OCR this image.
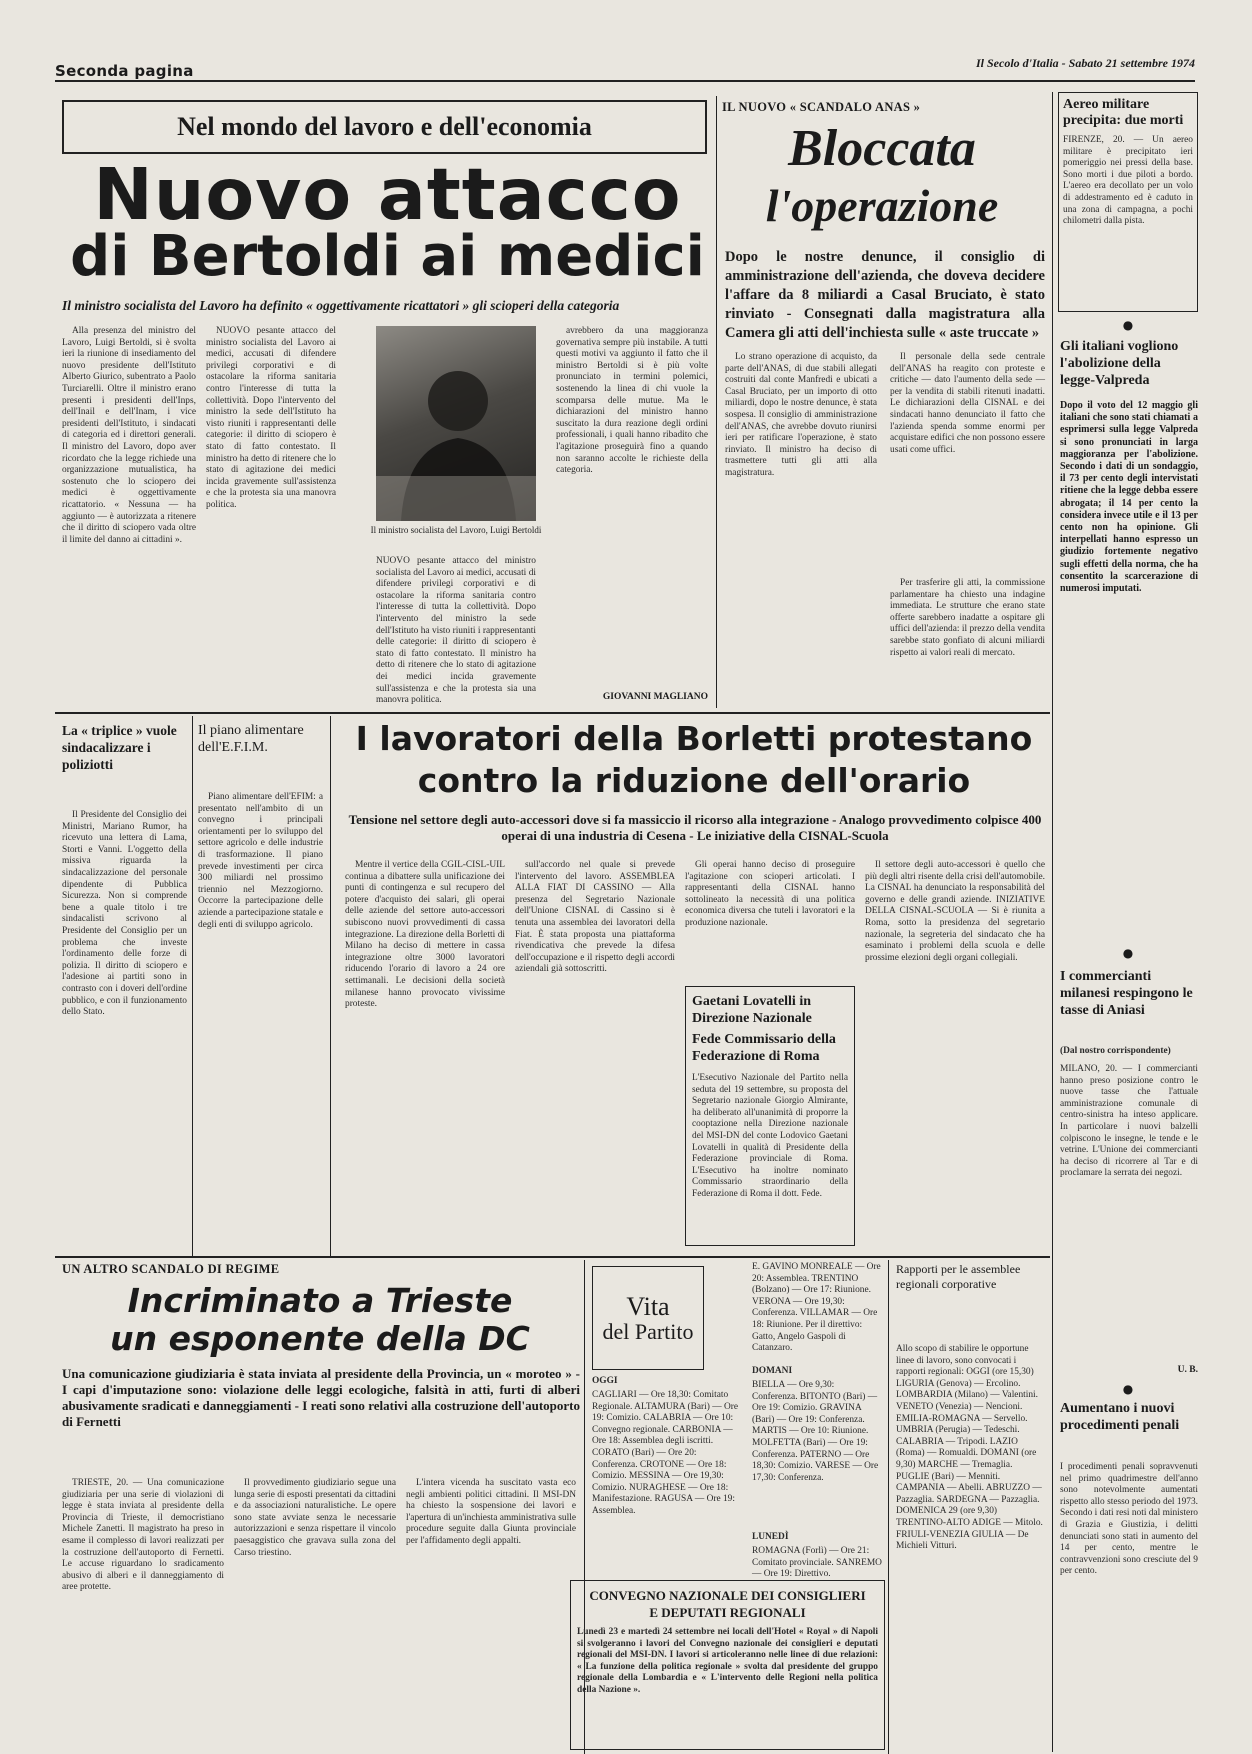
Seconda pagina	Il Secolo d'Italia - Sabato 21 settembre 1974
Nel mondo del lavoro e dell'economia
Nuovo attacco
di Bertoldi ai medici
Il ministro socialista del Lavoro ha definito « oggettivamente ricattatori » gli scioperi della categoria

Alla presenza del ministro del Lavoro, Luigi Bertoldi, si è svolta ieri la riunione di insediamento del nuovo presidente dell'Istituto Alberto Giurico, subentrato a Paolo Turciarelli. Oltre il ministro erano presenti i presidenti dell'Inps, dell'Inail e dell'Inam, i vice presidenti dell'Istituto, i sindacati di categoria ed i direttori generali. Il ministro del Lavoro, dopo aver ricordato che la legge richiede una organizzazione mutualistica, ha sostenuto che lo sciopero dei medici è oggettivamente ricattatorio. « Nessuna — ha aggiunto — è autorizzata a ritenere che il diritto di sciopero vada oltre il limite del danno ai cittadini ».

NUOVO pesante attacco del ministro socialista del Lavoro ai medici, accusati di difendere privilegi corporativi e di ostacolare la riforma sanitaria contro l'interesse di tutta la collettività. Dopo l'intervento del ministro la sede dell'Istituto ha visto riuniti i rappresentanti delle categorie: il diritto di sciopero è stato di fatto contestato. Il ministro ha detto di ritenere che lo stato di agitazione dei medici incida gravemente sull'assistenza e che la protesta sia una manovra politica.

Il ministro socialista del Lavoro, Luigi Bertoldi

NUOVO pesante attacco del ministro socialista del Lavoro ai medici, accusati di difendere privilegi corporativi e di ostacolare la riforma sanitaria contro l'interesse di tutta la collettività. Dopo l'intervento del ministro la sede dell'Istituto ha visto riuniti i rappresentanti delle categorie: il diritto di sciopero è stato di fatto contestato. Il ministro ha detto di ritenere che lo stato di agitazione dei medici incida gravemente sull'assistenza e che la protesta sia una manovra politica.

avrebbero da una maggioranza governativa sempre più instabile. A tutti questi motivi va aggiunto il fatto che il ministro Bertoldi si è più volte pronunciato in termini polemici, sostenendo la linea di chi vuole la scomparsa delle mutue. Ma le dichiarazioni del ministro hanno suscitato la dura reazione degli ordini professionali, i quali hanno ribadito che l'agitazione proseguirà fino a quando non saranno accolte le richieste della categoria.

GIOVANNI MAGLIANO
IL NUOVO « SCANDALO ANAS »
Bloccata
l'operazione
Dopo le nostre denunce, il consiglio di amministrazione dell'azienda, che doveva decidere l'affare da 8 miliardi a Casal Bruciato, è stato rinviato - Consegnati dalla magistratura alla Camera gli atti dell'inchiesta sulle « aste truccate »

Lo strano operazione di acquisto, da parte dell'ANAS, di due stabili allegati costruiti dal conte Manfredi e ubicati a Casal Bruciato, per un importo di otto miliardi, dopo le nostre denunce, è stata sospesa. Il consiglio di amministrazione dell'ANAS, che avrebbe dovuto riunirsi ieri per ratificare l'operazione, è stato rinviato. Il ministro ha deciso di trasmettere tutti gli atti alla magistratura.

Il personale della sede centrale dell'ANAS ha reagito con proteste e critiche — dato l'aumento della sede — per la vendita di stabili ritenuti inadatti. Le dichiarazioni della CISNAL e dei sindacati hanno denunciato il fatto che l'azienda spenda somme enormi per acquistare edifici che non possono essere usati come uffici.

Per trasferire gli atti, la commissione parlamentare ha chiesto una indagine immediata. Le strutture che erano state offerte sarebbero inadatte a ospitare gli uffici dell'azienda: il prezzo della vendita sarebbe stato gonfiato di alcuni miliardi rispetto ai valori reali di mercato.

Aereo militare precipita: due morti
FIRENZE, 20. — Un aereo militare è precipitato ieri pomeriggio nei pressi della base. Sono morti i due piloti a bordo. L'aereo era decollato per un volo di addestramento ed è caduto in una zona di campagna, a pochi chilometri dalla pista.
●
Gli italiani vogliono l'abolizione della legge-Valpreda
Dopo il voto del 12 maggio gli italiani che sono stati chiamati a esprimersi sulla legge Valpreda si sono pronunciati in larga maggioranza per l'abolizione. Secondo i dati di un sondaggio, il 73 per cento degli intervistati ritiene che la legge debba essere abrogata; il 14 per cento la considera invece utile e il 13 per cento non ha opinione. Gli interpellati hanno espresso un giudizio fortemente negativo sugli effetti della norma, che ha consentito la scarcerazione di numerosi imputati.
●
I commercianti milanesi respingono le tasse di Aniasi
(Dal nostro corrispondente)
MILANO, 20. — I commercianti hanno preso posizione contro le nuove tasse che l'attuale amministrazione comunale di centro-sinistra ha inteso applicare. In particolare i nuovi balzelli colpiscono le insegne, le tende e le vetrine. L'Unione dei commercianti ha deciso di ricorrere al Tar e di proclamare la serrata dei negozi.
U. B.
●
Aumentano i nuovi procedimenti penali
I procedimenti penali sopravvenuti nel primo quadrimestre dell'anno sono notevolmente aumentati rispetto allo stesso periodo del 1973. Secondo i dati resi noti dal ministero di Grazia e Giustizia, i delitti denunciati sono stati in aumento del 14 per cento, mentre le contravvenzioni sono cresciute del 9 per cento.
La « triplice » vuole sindacalizzare i poliziotti

Il Presidente del Consiglio dei Ministri, Mariano Rumor, ha ricevuto una lettera di Lama, Storti e Vanni. L'oggetto della missiva riguarda la sindacalizzazione del personale dipendente di Pubblica Sicurezza. Non si comprende bene a quale titolo i tre sindacalisti scrivono al Presidente del Consiglio per un problema che investe l'ordinamento delle forze di polizia. Il diritto di sciopero e l'adesione ai partiti sono in contrasto con i doveri dell'ordine pubblico, e con il funzionamento dello Stato.

Il piano alimentare dell'E.F.I.M.

Piano alimentare dell'EFIM: a presentato nell'ambito di un convegno i principali orientamenti per lo sviluppo del settore agricolo e delle industrie di trasformazione. Il piano prevede investimenti per circa 300 miliardi nel prossimo triennio nel Mezzogiorno. Occorre la partecipazione delle aziende a partecipazione statale e degli enti di sviluppo agricolo.

I lavoratori della Borletti protestano
contro la riduzione dell'orario
Tensione nel settore degli auto-accessori dove si fa massiccio il ricorso alla integrazione - Analogo provvedimento colpisce 400 operai di una industria di Cesena - Le iniziative della CISNAL-Scuola

Mentre il vertice della CGIL-CISL-UIL continua a dibattere sulla unificazione dei punti di contingenza e sul recupero del potere d'acquisto dei salari, gli operai delle aziende del settore auto-accessori subiscono nuovi provvedimenti di cassa integrazione. La direzione della Borletti di Milano ha deciso di mettere in cassa integrazione oltre 3000 lavoratori riducendo l'orario di lavoro a 24 ore settimanali. Le decisioni della società milanese hanno provocato vivissime proteste.

sull'accordo nel quale si prevede l'intervento del lavoro. ASSEMBLEA ALLA FIAT DI CASSINO — Alla presenza del Segretario Nazionale dell'Unione CISNAL di Cassino si è tenuta una assemblea dei lavoratori della Fiat. È stata proposta una piattaforma rivendicativa che prevede la difesa dell'occupazione e il rispetto degli accordi aziendali già sottoscritti.

Gli operai hanno deciso di proseguire l'agitazione con scioperi articolati. I rappresentanti della CISNAL hanno sottolineato la necessità di una politica economica diversa che tuteli i lavoratori e la produzione nazionale.

Gaetani Lovatelli in Direzione Nazionale
Fede Commissario della Federazione di Roma
L'Esecutivo Nazionale del Partito nella seduta del 19 settembre, su proposta del Segretario nazionale Giorgio Almirante, ha deliberato all'unanimità di proporre la cooptazione nella Direzione nazionale del MSI-DN del conte Lodovico Gaetani Lovatelli in qualità di Presidente della Federazione provinciale di Roma. L'Esecutivo ha inoltre nominato Commissario straordinario della Federazione di Roma il dott. Fede.

Il settore degli auto-accessori è quello che più degli altri risente della crisi dell'automobile. La CISNAL ha denunciato la responsabilità del governo e delle grandi aziende. INIZIATIVE DELLA CISNAL-SCUOLA — Si è riunita a Roma, sotto la presidenza del segretario nazionale, la segreteria del sindacato che ha esaminato i problemi della scuola e delle prossime elezioni degli organi collegiali.

UN ALTRO SCANDALO DI REGIME
Incriminato a Trieste
un esponente della DC
Una comunicazione giudiziaria è stata inviata al presidente della Provincia, un « moroteo » - I capi d'imputazione sono: violazione delle leggi ecologiche, falsità in atti, furti di alberi abusivamente sradicati e danneggiamenti - I reati sono relativi alla costruzione dell'autoporto di Fernetti

TRIESTE, 20. — Una comunicazione giudiziaria per una serie di violazioni di legge è stata inviata al presidente della Provincia di Trieste, il democristiano Michele Zanetti. Il magistrato ha preso in esame il complesso di lavori realizzati per la costruzione dell'autoporto di Fernetti. Le accuse riguardano lo sradicamento abusivo di alberi e il danneggiamento di aree protette.

Il provvedimento giudiziario segue una lunga serie di esposti presentati da cittadini e da associazioni naturalistiche. Le opere sono state avviate senza le necessarie autorizzazioni e senza rispettare il vincolo paesaggistico che gravava sulla zona del Carso triestino.

L'intera vicenda ha suscitato vasta eco negli ambienti politici cittadini. Il MSI-DN ha chiesto la sospensione dei lavori e l'apertura di un'inchiesta amministrativa sulle procedure seguite dalla Giunta provinciale per l'affidamento degli appalti.

Vita
del Partito
OGGI
CAGLIARI — Ore 18,30: Comitato Regionale. ALTAMURA (Bari) — Ore 19: Comizio. CALABRIA — Ore 10: Convegno regionale. CARBONIA — Ore 18: Assemblea degli iscritti. CORATO (Bari) — Ore 20: Conferenza. CROTONE — Ore 18: Comizio. MESSINA — Ore 19,30: Comizio. NURAGHESE — Ore 18: Manifestazione. RAGUSA — Ore 19: Assemblea.
E. GAVINO MONREALE — Ore 20: Assemblea. TRENTINO (Bolzano) — Ore 17: Riunione. VERONA — Ore 19,30: Conferenza. VILLAMAR — Ore 18: Riunione. Per il direttivo: Gatto, Angelo Gaspoli di Catanzaro.
DOMANI
BIELLA — Ore 9,30: Conferenza. BITONTO (Bari) — Ore 19: Comizio. GRAVINA (Bari) — Ore 19: Conferenza. MARTIS — Ore 10: Riunione. MOLFETTA (Bari) — Ore 19: Conferenza. PATERNO — Ore 18,30: Comizio. VARESE — Ore 17,30: Conferenza.
LUNEDÌ
ROMAGNA (Forlì) — Ore 21: Comitato provinciale. SANREMO — Ore 19: Direttivo.
Rapporti per le assemblee regionali corporative
Allo scopo di stabilire le opportune linee di lavoro, sono convocati i rapporti regionali: OGGI (ore 15,30) LIGURIA (Genova) — Ercolino. LOMBARDIA (Milano) — Valentini. VENETO (Venezia) — Nencioni. EMILIA-ROMAGNA — Servello. UMBRIA (Perugia) — Tedeschi. CALABRIA — Tripodi. LAZIO (Roma) — Romualdi. DOMANI (ore 9,30) MARCHE — Tremaglia. PUGLIE (Bari) — Menniti. CAMPANIA — Abelli. ABRUZZO — Pazzaglia. SARDEGNA — Pazzaglia. DOMENICA 29 (ore 9,30) TRENTINO-ALTO ADIGE — Mitolo. FRIULI-VENEZIA GIULIA — De Michieli Vitturi.
CONVEGNO NAZIONALE DEI CONSIGLIERI
E DEPUTATI REGIONALI
Lunedì 23 e martedì 24 settembre nei locali dell'Hotel « Royal » di Napoli si svolgeranno i lavori del Convegno nazionale dei consiglieri e deputati regionali del MSI-DN. I lavori si articoleranno nelle linee di due relazioni: « La funzione della politica regionale » svolta dal presidente del gruppo regionale della Lombardia e « L'intervento delle Regioni nella politica della Nazione ».
